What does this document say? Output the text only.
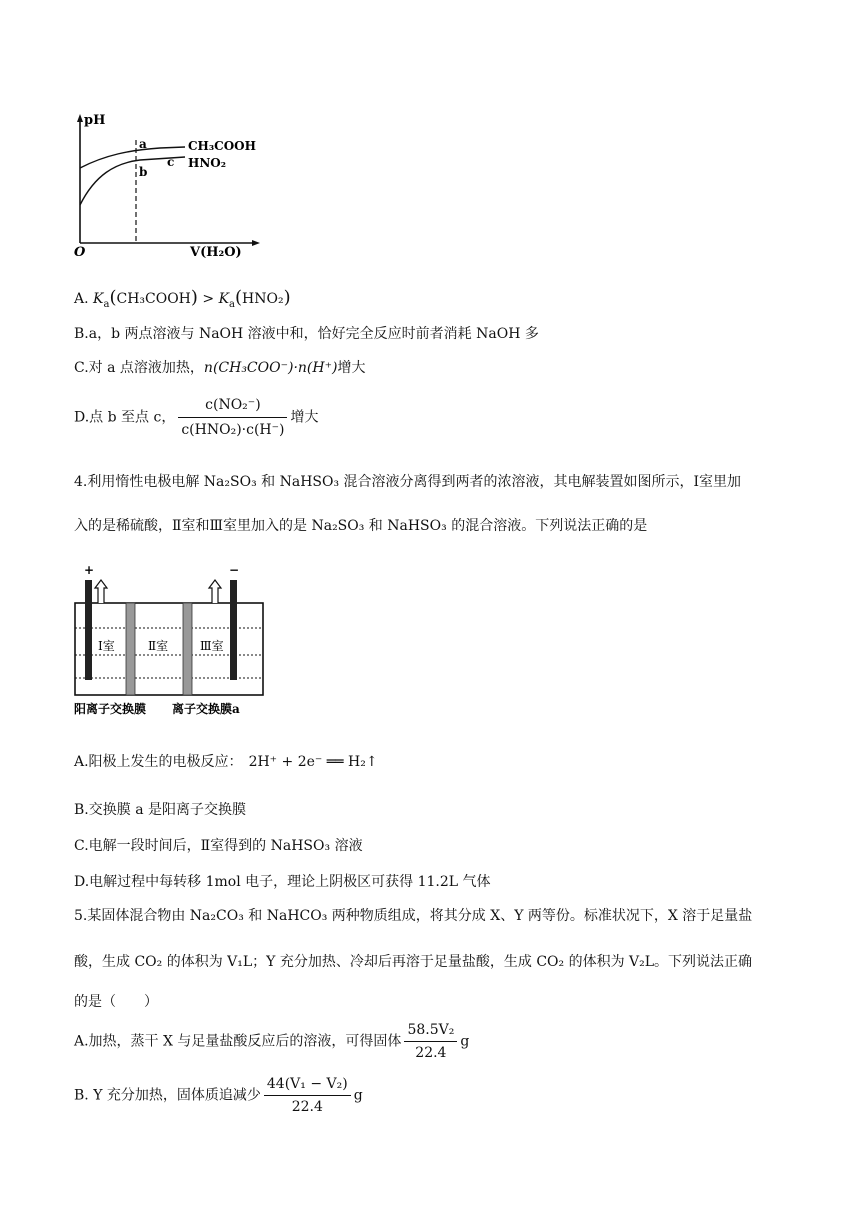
pH
O	V(H₂O)
CH₃COOH
HNO₂
a
b
c
A. $K_a(CH_3COOH) > K_a(HNO_2)$
B.a，b 两点溶液与 NaOH 溶液中和，恰好完全反应时前者消耗 NaOH 多
C.对 a 点溶液加热，n(CH₃COO⁻)·n(H⁺)增大
D.点 b 至点 c， $\frac{\text{c(NO₂⁻)}}{\text{c(HNO₂)·c(H⁻)}}$ 增大
4.利用惰性电极电解 Na₂SO₃ 和 NaHSO₃ 混合溶液分离得到两者的浓溶液，其电解装置如图所示，Ⅰ室里加
入的是稀硫酸，Ⅱ室和Ⅲ室里加入的是 Na₂SO₃ 和 NaHSO₃ 的混合溶液。下列说法正确的是
+	−
Ⅰ室	Ⅱ室	Ⅲ室
阳离子交换膜 离子交换膜a
A.阳极上发生的电极反应： 2H⁺ + 2e⁻ ══ H₂↑
B.交换膜 a 是阳离子交换膜
C.电解一段时间后，Ⅱ室得到的 NaHSO₃ 溶液
D.电解过程中每转移 1mol 电子，理论上阴极区可获得 11.2L 气体
5.某固体混合物由 Na₂CO₃ 和 NaHCO₃ 两种物质组成，将其分成 X、Y 两等份。标准状况下，X 溶于足量盐
酸，生成 CO₂ 的体积为 V₁L；Y 充分加热、冷却后再溶于足量盐酸，生成 CO₂ 的体积为 V₂L。下列说法正确
的是（　　）
A.加热，蒸干 X 与足量盐酸反应后的溶液，可得固体 $\frac{\text{58.5V₂}}{22.4}$ g
B. Y 充分加热，固体质追减少 $\frac{\text{44(V₁ − V₂)}}{22.4}$ g
